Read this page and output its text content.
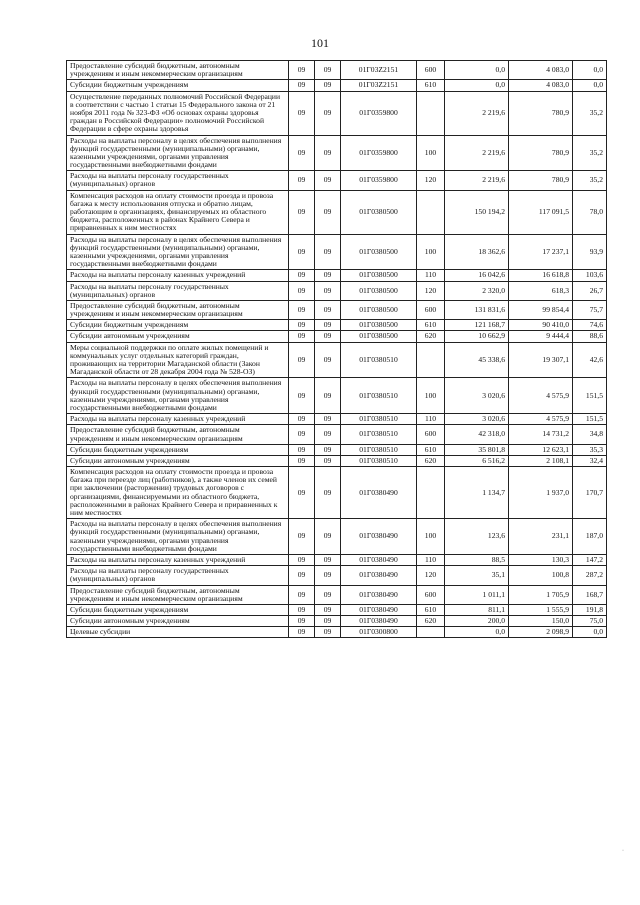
101
Предоставление субсидий бюджетным, автономным учреждениям и иным некоммерческим организациям	09	09	01Г03Z2151	600	0,0	4 083,0	0,0
Субсидии бюджетным учреждениям	09	09	01Г03Z2151	610	0,0	4 083,0	0,0
Осуществление переданных полномочий Российской Федерации в соответствии с частью 1 статьи 15 Федерального закона от 21 ноября 2011 года № 323-ФЗ «Об основах охраны здоровья граждан в Российской Федерации» полномочий Российской Федерации в сфере охраны здоровья	09	09	01Г0359800		2 219,6	780,9	35,2
Расходы на выплаты персоналу в целях обеспечения выполнения функций государственными (муниципальными) органами, казенными учреждениями, органами управления государственными внебюджетными фондами	09	09	01Г0359800	100	2 219,6	780,9	35,2
Расходы на выплаты персоналу государственных (муниципальных) органов	09	09	01Г0359800	120	2 219,6	780,9	35,2
Компенсация расходов на оплату стоимости проезда и провоза багажа к месту использования отпуска и обратно лицам, работающим в организациях, финансируемых из областного бюджета, расположенных в районах Крайнего Севера и приравненных к ним местностях	09	09	01Г0380500		150 194,2	117 091,5	78,0
Расходы на выплаты персоналу в целях обеспечения выполнения функций государственными (муниципальными) органами, казенными учреждениями, органами управления государственными внебюджетными фондами	09	09	01Г0380500	100	18 362,6	17 237,1	93,9
Расходы на выплаты персоналу казенных учреждений	09	09	01Г0380500	110	16 042,6	16 618,8	103,6
Расходы на выплаты персоналу государственных (муниципальных) органов	09	09	01Г0380500	120	2 320,0	618,3	26,7
Предоставление субсидий бюджетным, автономным учреждениям и иным некоммерческим организациям	09	09	01Г0380500	600	131 831,6	99 854,4	75,7
Субсидии бюджетным учреждениям	09	09	01Г0380500	610	121 168,7	90 410,0	74,6
Субсидии автономным учреждениям	09	09	01Г0380500	620	10 662,9	9 444,4	88,6
Меры социальной поддержки по оплате жилых помещений и коммунальных услуг отдельных категорий граждан, проживающих на территории Магаданской области (Закон Магаданской области от 28 декабря 2004 года № 528-ОЗ)	09	09	01Г0380510		45 338,6	19 307,1	42,6
Расходы на выплаты персоналу в целях обеспечения выполнения функций государственными (муниципальными) органами, казенными учреждениями, органами управления государственными внебюджетными фондами	09	09	01Г0380510	100	3 020,6	4 575,9	151,5
Расходы на выплаты персоналу казенных учреждений	09	09	01Г0380510	110	3 020,6	4 575,9	151,5
Предоставление субсидий бюджетным, автономным учреждениям и иным некоммерческим организациям	09	09	01Г0380510	600	42 318,0	14 731,2	34,8
Субсидии бюджетным учреждениям	09	09	01Г0380510	610	35 801,8	12 623,1	35,3
Субсидии автономным учреждениям	09	09	01Г0380510	620	6 516,2	2 108,1	32,4
Компенсация расходов на оплату стоимости проезда и провоза багажа при переезде лиц (работников), а также членов их семей при заключении (расторжении) трудовых договоров с организациями, финансируемыми из областного бюджета, расположенными в районах Крайнего Севера и приравненных к ним местностях	09	09	01Г0380490		1 134,7	1 937,0	170,7
Расходы на выплаты персоналу в целях обеспечения выполнения функций государственными (муниципальными) органами, казенными учреждениями, органами управления государственными внебюджетными фондами	09	09	01Г0380490	100	123,6	231,1	187,0
Расходы на выплаты персоналу казенных учреждений	09	09	01Г0380490	110	88,5	130,3	147,2
Расходы на выплаты персоналу государственных (муниципальных) органов	09	09	01Г0380490	120	35,1	100,8	287,2
Предоставление субсидий бюджетным, автономным учреждениям и иным некоммерческим организациям	09	09	01Г0380490	600	1 011,1	1 705,9	168,7
Субсидии бюджетным учреждениям	09	09	01Г0380490	610	811,1	1 555,9	191,8
Субсидии автономным учреждениям	09	09	01Г0380490	620	200,0	150,0	75,0
Целевые субсидии	09	09	01Г0300800		0,0	2 098,9	0,0
·
